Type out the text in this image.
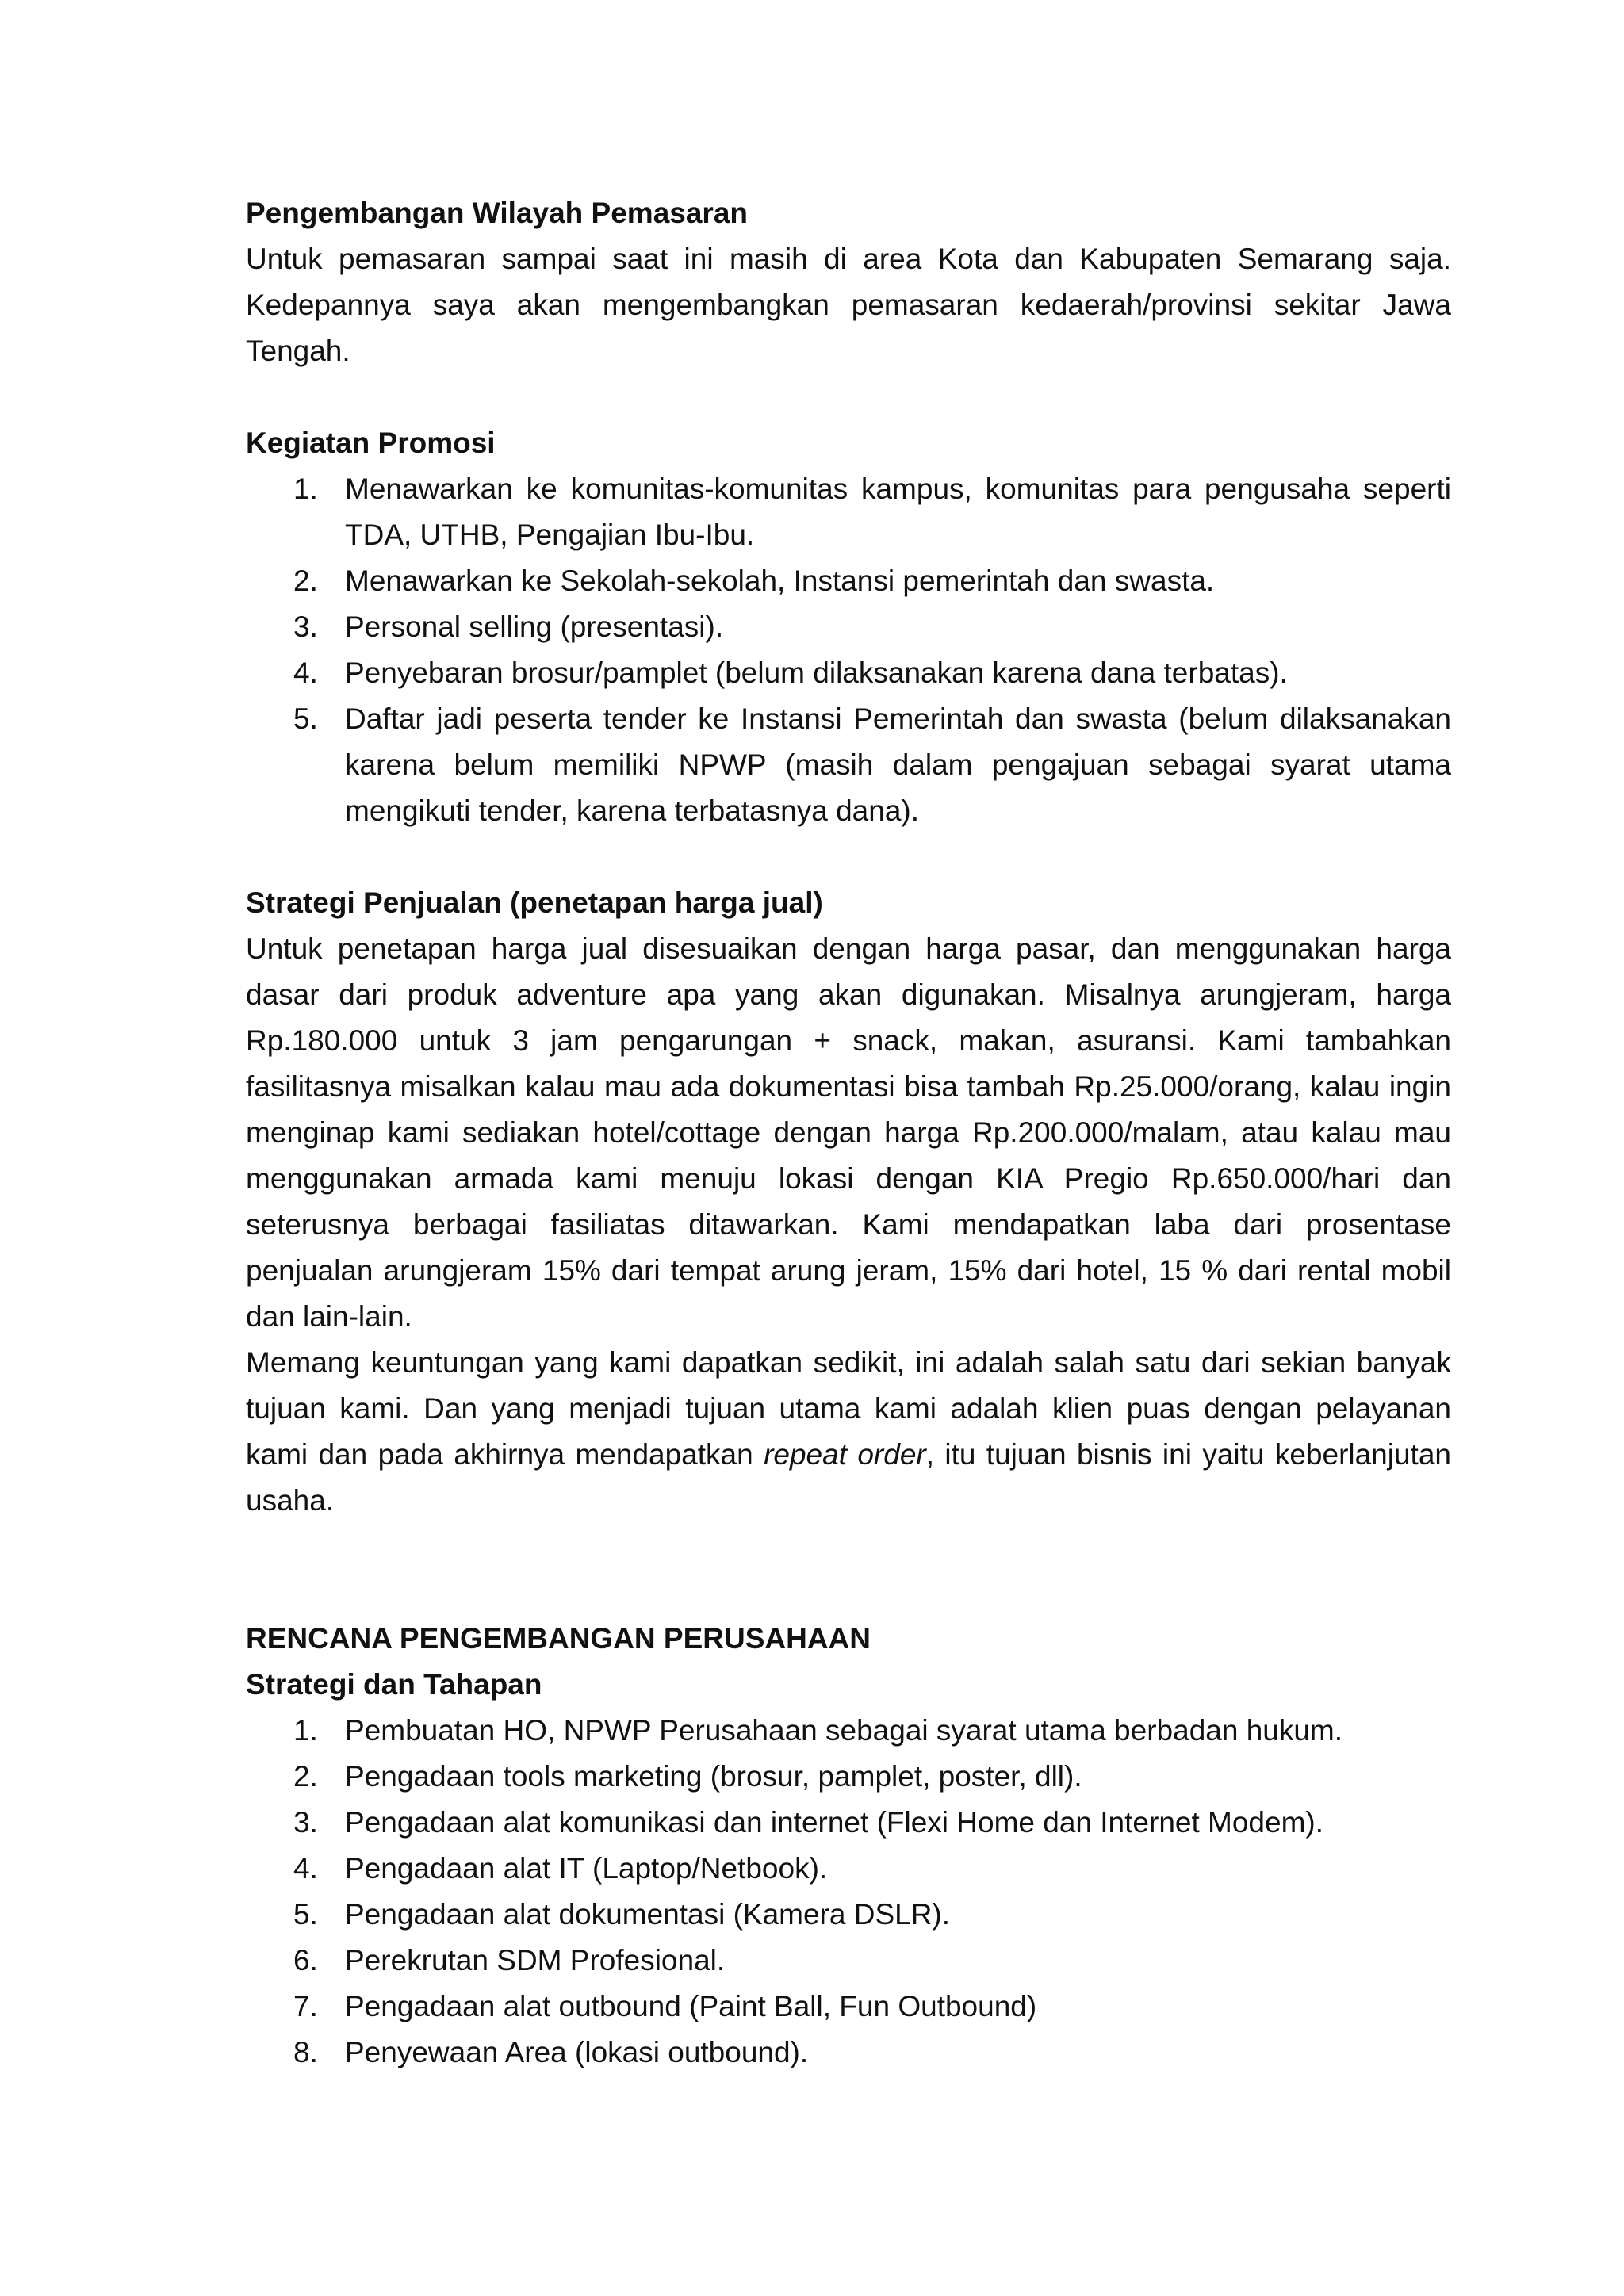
Pengembangan Wilayah Pemasaran

Untuk pemasaran sampai saat ini masih di area Kota dan Kabupaten Semarang saja. Kedepannya saya akan mengembangkan pemasaran kedaerah/provinsi sekitar Jawa Tengah.

Kegiatan Promosi

1. Menawarkan ke komunitas-komunitas kampus, komunitas para pengusaha seperti TDA, UTHB, Pengajian Ibu-Ibu.
2. Menawarkan ke Sekolah-sekolah, Instansi pemerintah dan swasta.
3. Personal selling (presentasi).
4. Penyebaran brosur/pamplet (belum dilaksanakan karena dana terbatas).
5. Daftar jadi peserta tender ke Instansi Pemerintah dan swasta (belum dilaksanakan karena belum memiliki NPWP (masih dalam pengajuan sebagai syarat utama mengikuti tender, karena terbatasnya dana).

Strategi Penjualan (penetapan harga jual)

Untuk penetapan harga jual disesuaikan dengan harga pasar, dan menggunakan harga dasar dari produk adventure apa yang akan digunakan. Misalnya arungjeram, harga Rp.180.000 untuk 3 jam pengarungan + snack, makan, asuransi. Kami tambahkan fasilitasnya misalkan kalau mau ada dokumentasi bisa tambah Rp.25.000/orang, kalau ingin menginap kami sediakan hotel/cottage dengan harga Rp.200.000/malam, atau kalau mau menggunakan armada kami menuju lokasi dengan KIA Pregio Rp.650.000/hari dan seterusnya berbagai fasiliatas ditawarkan. Kami mendapatkan laba dari prosentase penjualan arungjeram 15% dari tempat arung jeram, 15% dari hotel, 15 % dari rental mobil dan lain-lain.

Memang keuntungan yang kami dapatkan sedikit, ini adalah salah satu dari sekian banyak tujuan kami. Dan yang menjadi tujuan utama kami adalah klien puas dengan pelayanan kami dan pada akhirnya mendapatkan repeat order, itu tujuan bisnis ini yaitu keberlanjutan usaha.

RENCANA PENGEMBANGAN PERUSAHAAN

Strategi dan Tahapan

1. Pembuatan HO, NPWP Perusahaan sebagai syarat utama berbadan hukum.
2. Pengadaan tools marketing (brosur, pamplet, poster, dll).
3. Pengadaan alat komunikasi dan internet (Flexi Home dan Internet Modem).
4. Pengadaan alat IT (Laptop/Netbook).
5. Pengadaan alat dokumentasi (Kamera DSLR).
6. Perekrutan SDM Profesional.
7. Pengadaan alat outbound (Paint Ball, Fun Outbound)
8. Penyewaan Area (lokasi outbound).
